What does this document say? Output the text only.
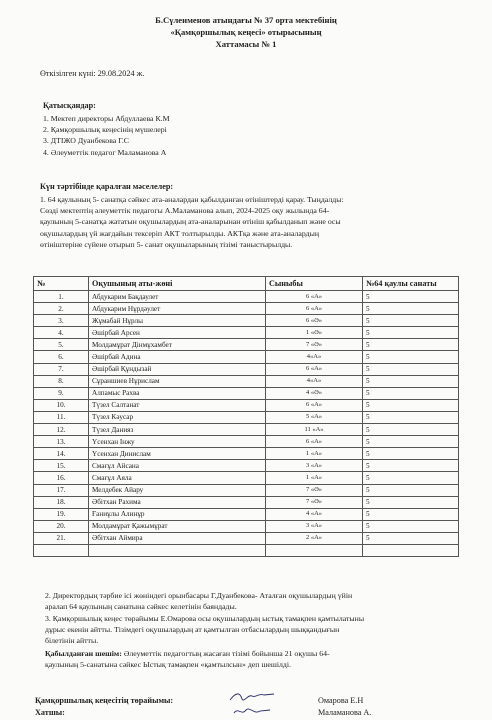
Б.Сүлеименов атындағы № 37 орта мектебінің
«Қамқоршылық кеңесі» отырысының
Хаттамасы № 1
Өткізілген күні: 29.08.2024 ж.
Қатысқандар:
1. Мектеп директоры Абдуллаева К.М
2. Қамқоршылық кеңесінің мүшелері
3. ДТІЖО Дуанбекова Г.С
4. Әлеуметтік педагог Маламанова А
Күн тәртібінде қаралған мәселелер:
1. 64 қаулының 5- санатқа сәйкес ата-аналардан қабылданған өтініштерді қарау. Тыңдалды:
Сөзді мектептің әлеуметтік педагогы А.Маламанова алып, 2024-2025 оқу жылында 64-
қаулының 5-санатқа жататын оқушылардың ата-аналарынан өтініш қабылданып және осы
оқушылардың үй жағдайын тексеріп АКТ толтырылды. АКТқа және ата-аналардың
өтініштеріне сүйене отырып 5- санат оқушыларының тізімі таныстырылды.
№	Оқушының аты-жөні	Сыныбы	№64 қаулы санаты
1.	Абдукарим Бақдаулет	6 «А»	5
2.	Абдукарим Нұрдәулет	6 «А»	5
3.	Жұмабай Нұрлы	6 «Ә»	5
4.	Әшірбай Арсен	1 «Ә»	5
5.	Молдамұрат Дінмұхамбет	7 «Ә»	5
6.	Әшірбай Адина	4«А»	5
7.	Әшірбай Құндызай	6 «А»	5
8.	Сұраншиев Нұрислам	4«А»	5
9.	Алпамыс Рахва	4 «Ә»	5
10.	Түзел Салтанат	6 «А»	5
11.	Түзел Кәусар	5 «А»	5
12.	Түзел Данияз	11 «А»	5
13.	Үсенхан Інжу	6 «А»	5
14.	Үсенхан Динислам	1 «А»	5
15.	Смағұл Айсана	3 «А»	5
16.	Смағұл Аяла	1 «А»	5
17.	Мелдебек Айару	7 «Ә»	5
18.	Әбітхан Рахима	7 «Ә»	5
19.	Ғаниұлы Алинұр	4 «А»	5
20.	Молдамұрат Қажымұрат	3 «А»	5
21.	Әбітхан Аймира	2 «А»	5

2. Директордың тәрбие ісі жөніндегі орынбасары Г.Дуанбекова- Аталған оқушылардың үйін
аралап 64 қаулының санатына сәйкес келетінін баяндады.
3. Қамқоршылық кеңес төрайымы Е.Омарова осы оқушылардың ыстық тамақпен қамтылатыны
дұрыс екенін айтты. Тізімдегі оқушылардың ат қамтылған отбасылардың шыққандығын
білетінін айтты.
Қабылданған шешім: Әлеуметтік педагогтың жасаған тізімі бойынша 21 оқушы 64-
қаулының 5-санатына сәйкес Ыстық тамақпен «қамтылсын» деп шешілді.
Қамқоршылық кеңесітің төрайымы:	Омарова Е.Н
Хатшы:	Маламанова А.
